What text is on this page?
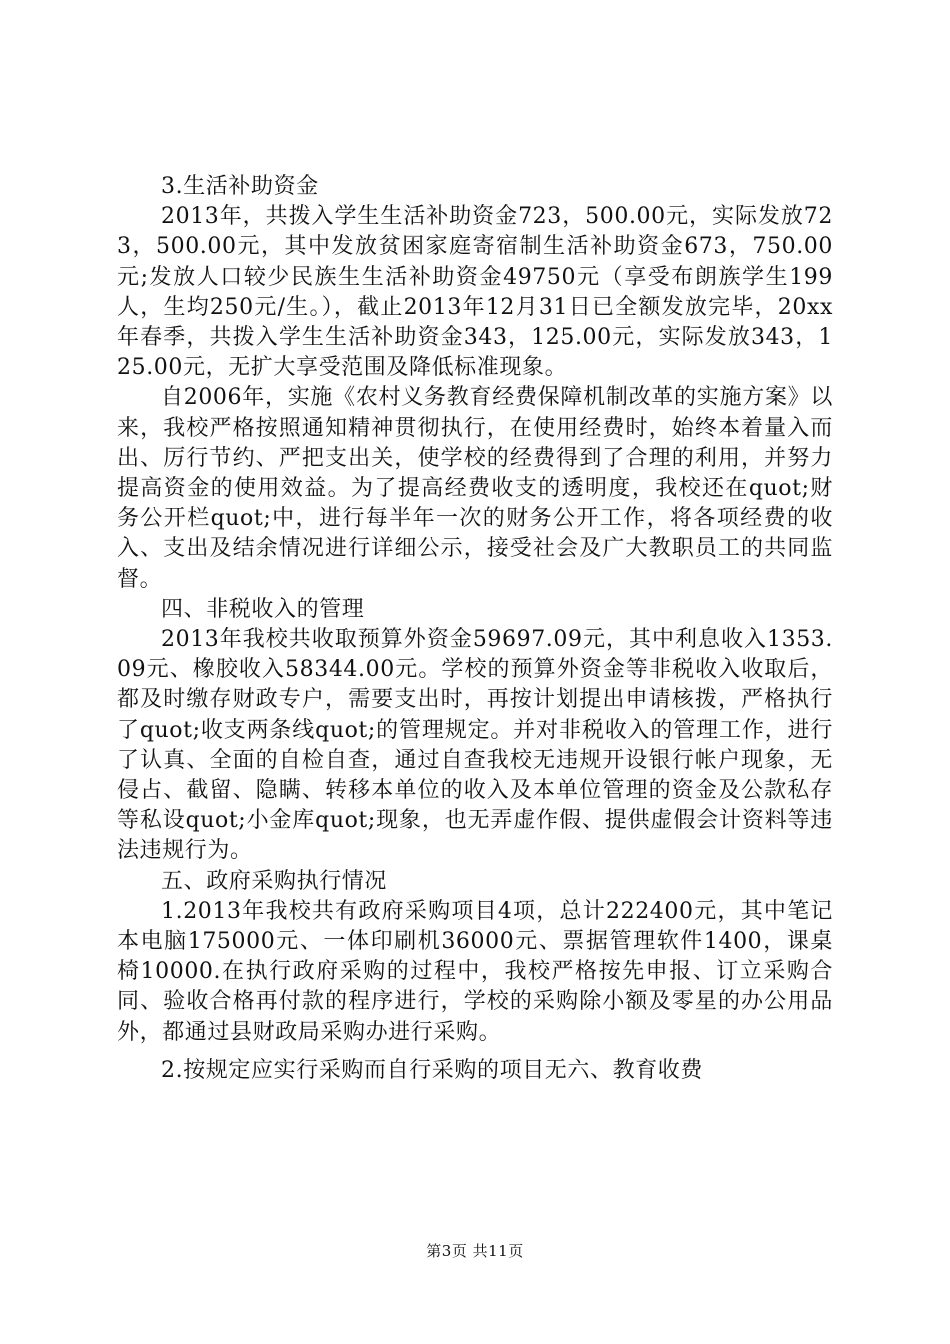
3.生活补助资金

2013年，共拨入学生生活补助资金723，500.00元，实际发放723，500.00元，其中发放贫困家庭寄宿制生活补助资金673，750.00元;发放人口较少民族生生活补助资金49750元（享受布朗族学生199人，生均250元/生。），截止2013年12月31日已全额发放完毕，20xx年春季，共拨入学生生活补助资金343，125.00元，实际发放343，125.00元，无扩大享受范围及降低标准现象。

自2006年，实施《农村义务教育经费保障机制改革的实施方案》以来，我校严格按照通知精神贯彻执行，在使用经费时，始终本着量入而出、厉行节约、严把支出关，使学校的经费得到了合理的利用，并努力提高资金的使用效益。为了提高经费收支的透明度，我校还在quot;财务公开栏quot;中，进行每半年一次的财务公开工作，将各项经费的收入、支出及结余情况进行详细公示，接受社会及广大教职员工的共同监督。

四、非税收入的管理

2013年我校共收取预算外资金59697.09元，其中利息收入1353.09元、橡胶收入58344.00元。学校的预算外资金等非税收入收取后，都及时缴存财政专户，需要支出时，再按计划提出申请核拨，严格执行了quot;收支两条线quot;的管理规定。并对非税收入的管理工作，进行了认真、全面的自检自查，通过自查我校无违规开设银行帐户现象，无侵占、截留、隐瞒、转移本单位的收入及本单位管理的资金及公款私存等私设quot;小金库quot;现象，也无弄虚作假、提供虚假会计资料等违法违规行为。

五、政府采购执行情况

1.2013年我校共有政府采购项目4项，总计222400元，其中笔记本电脑175000元、一体印刷机36000元、票据管理软件1400，课桌椅10000.在执行政府采购的过程中，我校严格按先申报、订立采购合同、验收合格再付款的程序进行，学校的采购除小额及零星的办公用品外，都通过县财政局采购办进行采购。

2.按规定应实行采购而自行采购的项目无六、教育收费

第3页 共11页
